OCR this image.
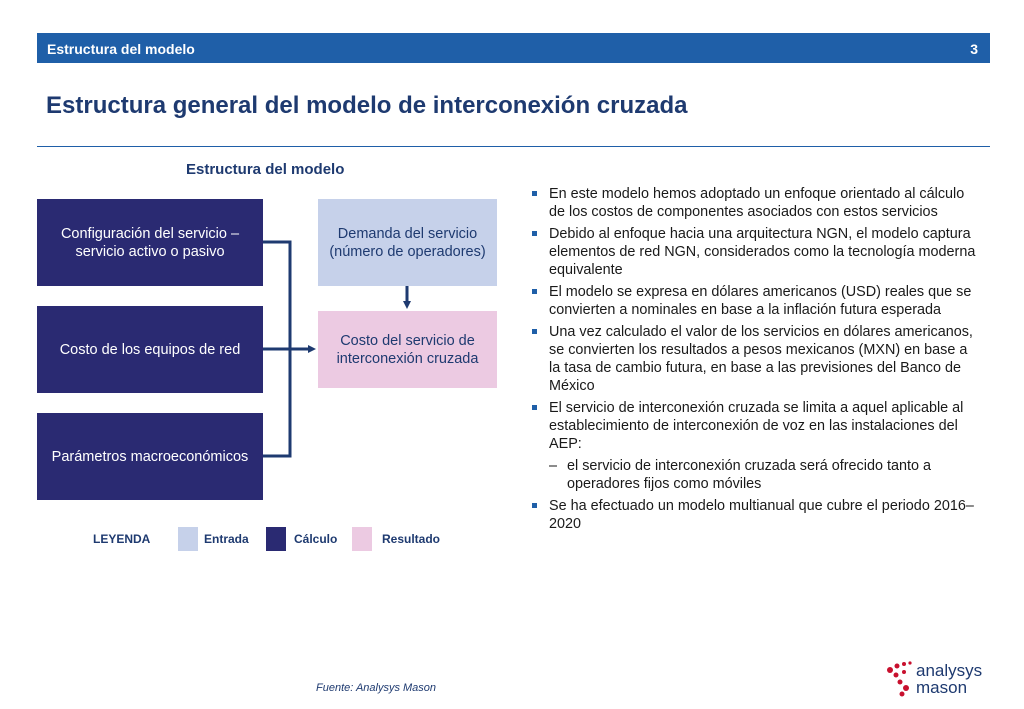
Estructura del modelo	3
Estructura general del modelo de interconexión cruzada
Estructura del modelo
Configuración del servicio – servicio activo o pasivo
Costo de los equipos de red
Parámetros macroeconómicos
Demanda del servicio (número de operadores)
Costo del servicio de interconexión cruzada
LEYENDA	Entrada	Cálculo	Resultado
En este modelo hemos adoptado un enfoque orientado al cálculo de los costos de componentes asociados con estos servicios
Debido al enfoque hacia una arquitectura NGN, el modelo captura elementos de red NGN, considerados como la tecnología moderna equivalente
El modelo se expresa en dólares americanos (USD) reales que se convierten a nominales en base a la inflación futura esperada
Una vez calculado el valor de los servicios en dólares americanos, se convierten los resultados a pesos mexicanos (MXN) en base a la tasa de cambio futura, en base a las previsiones del Banco de México
El servicio de interconexión cruzada se limita a aquel aplicable al establecimiento de interconexión de voz en las instalaciones del AEP:
– el servicio de interconexión cruzada será ofrecido tanto a operadores fijos como móviles
Se ha efectuado un modelo multianual que cubre el periodo 2016–2020
Fuente: Analysys Mason
analysys
mason
